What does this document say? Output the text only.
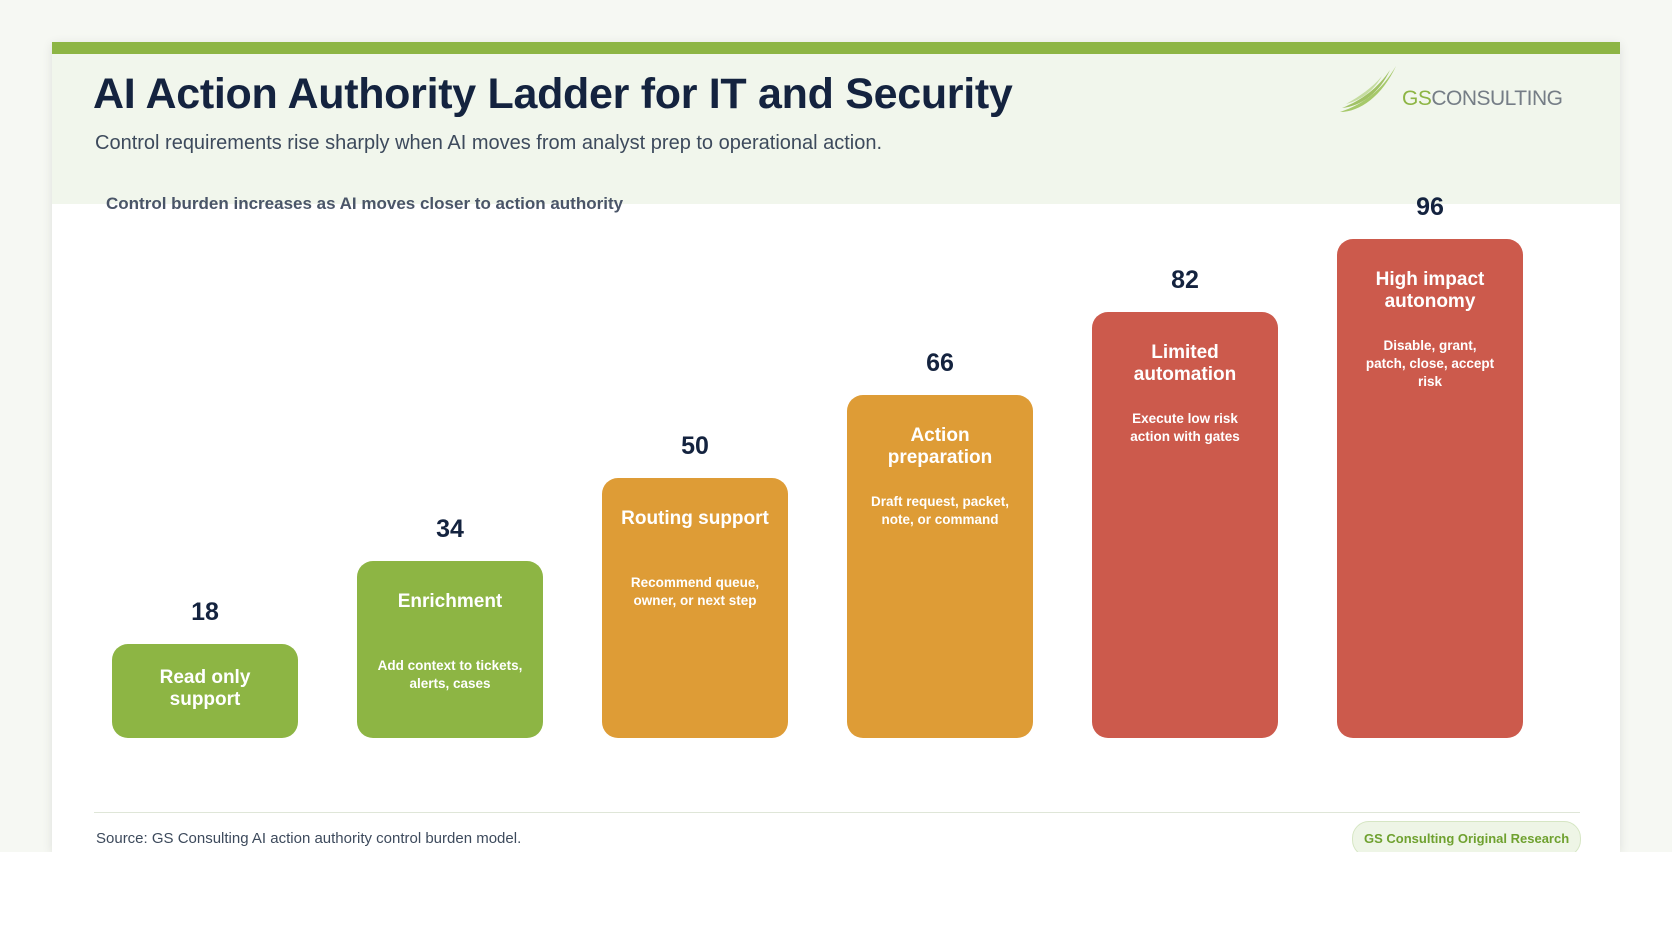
AI Action Authority Ladder for IT and Security
Control requirements rise sharply when AI moves from analyst prep to operational action.
GSCONSULTING
Control burden increases as AI moves closer to action authority
18
Read only support
34
Enrichment
Add context to tickets, alerts, cases
50
Routing support
Recommend queue, owner, or next step
66
Action preparation
Draft request, packet, note, or command
82
Limited automation
Execute low risk action with gates
96
High impact autonomy
Disable, grant, patch, close, accept risk
Source: GS Consulting AI action authority control burden model.	GS Consulting Original Research
